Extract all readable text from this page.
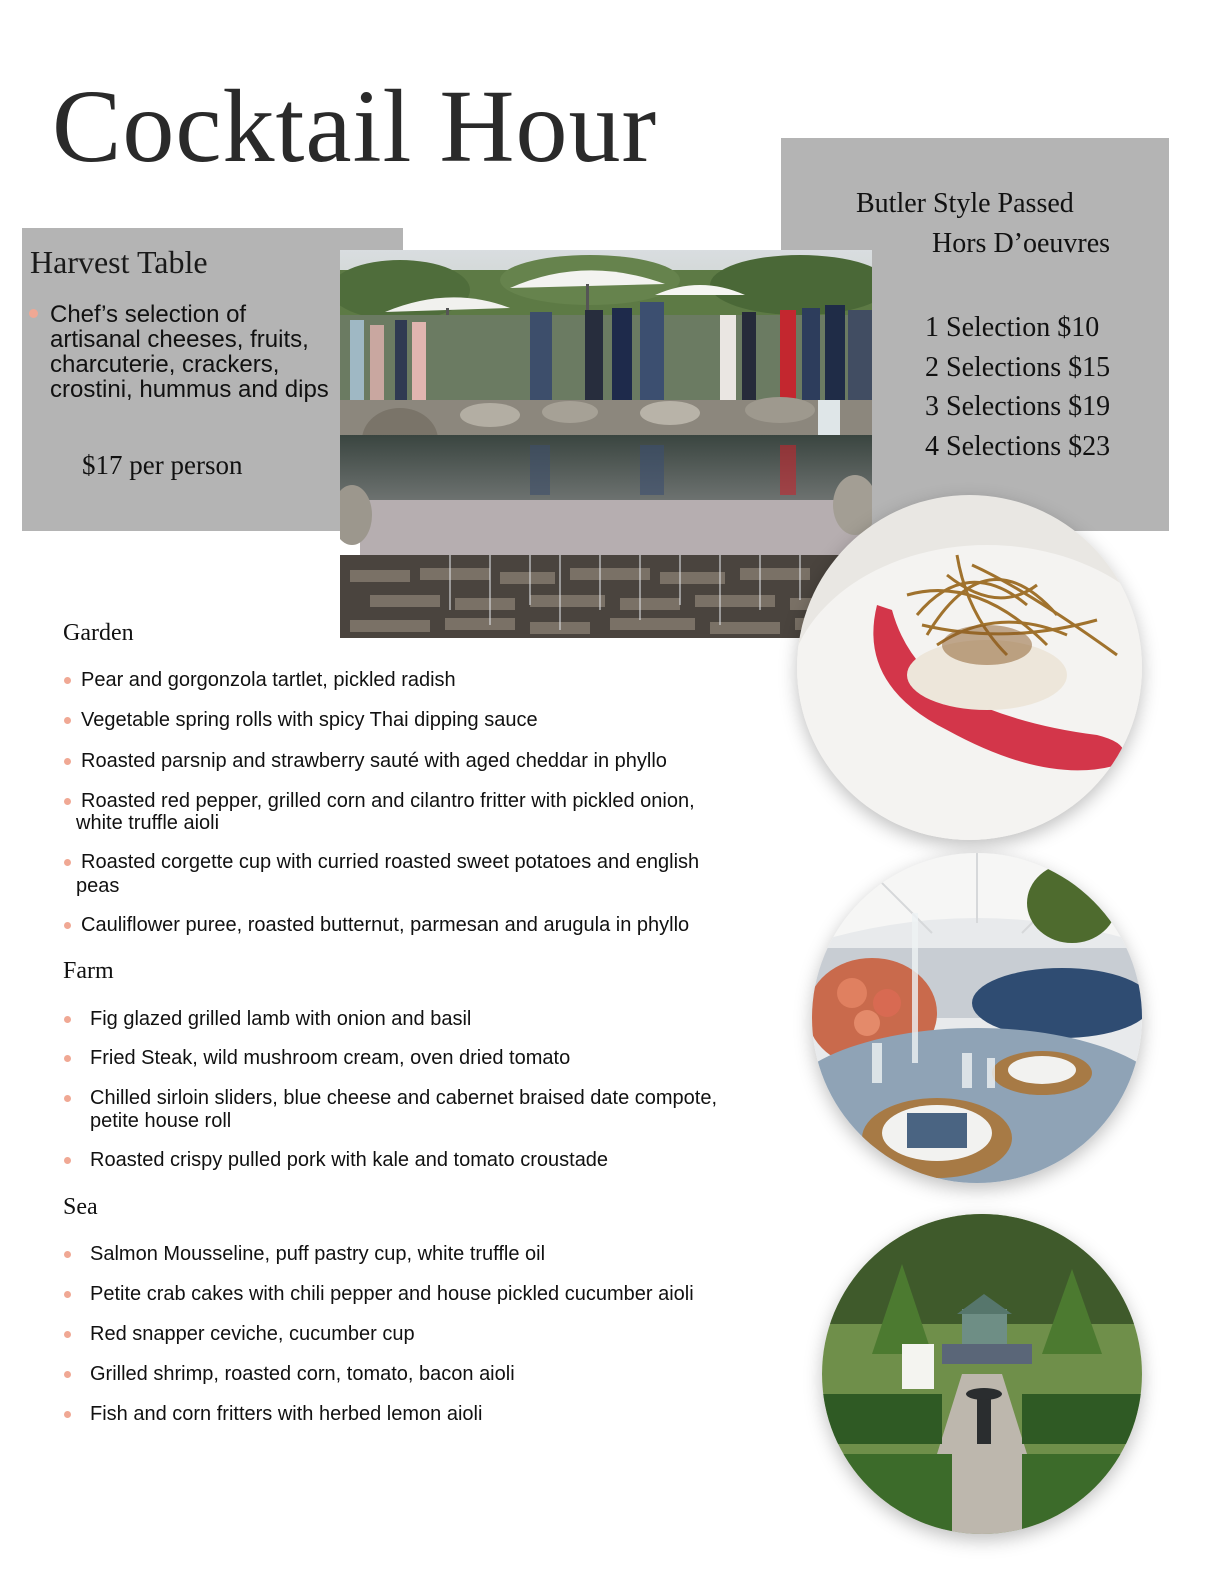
Cocktail Hour
Harvest Table
Chef’s selection of artisanal cheeses, fruits, charcuterie, crackers, crostini, hummus and dips
$17 per person
Butler Style Passed
Hors D’oeuvres
1 Selection $10
2 Selections $15
3 Selections $19
4 Selections $23
Garden
Pear and gorgonzola tartlet, pickled radish
Vegetable spring rolls with spicy Thai dipping sauce
Roasted parsnip and strawberry sauté with aged cheddar in phyllo
Roasted red pepper, grilled corn and cilantro fritter with pickled onion,
white truffle aioli
Roasted corgette cup with curried roasted sweet potatoes and english
peas
Cauliflower puree, roasted butternut, parmesan and arugula in phyllo
Farm
Fig glazed grilled lamb with onion and basil
Fried Steak, wild mushroom cream, oven dried tomato
Chilled sirloin sliders, blue cheese and cabernet braised date compote,
petite house roll
Roasted crispy pulled pork with kale and tomato croustade
Sea
Salmon Mousseline, puff pastry cup, white truffle oil
Petite crab cakes with chili pepper and house pickled cucumber aioli
Red snapper ceviche, cucumber cup
Grilled shrimp, roasted corn, tomato, bacon aioli
Fish and corn fritters with herbed lemon aioli
